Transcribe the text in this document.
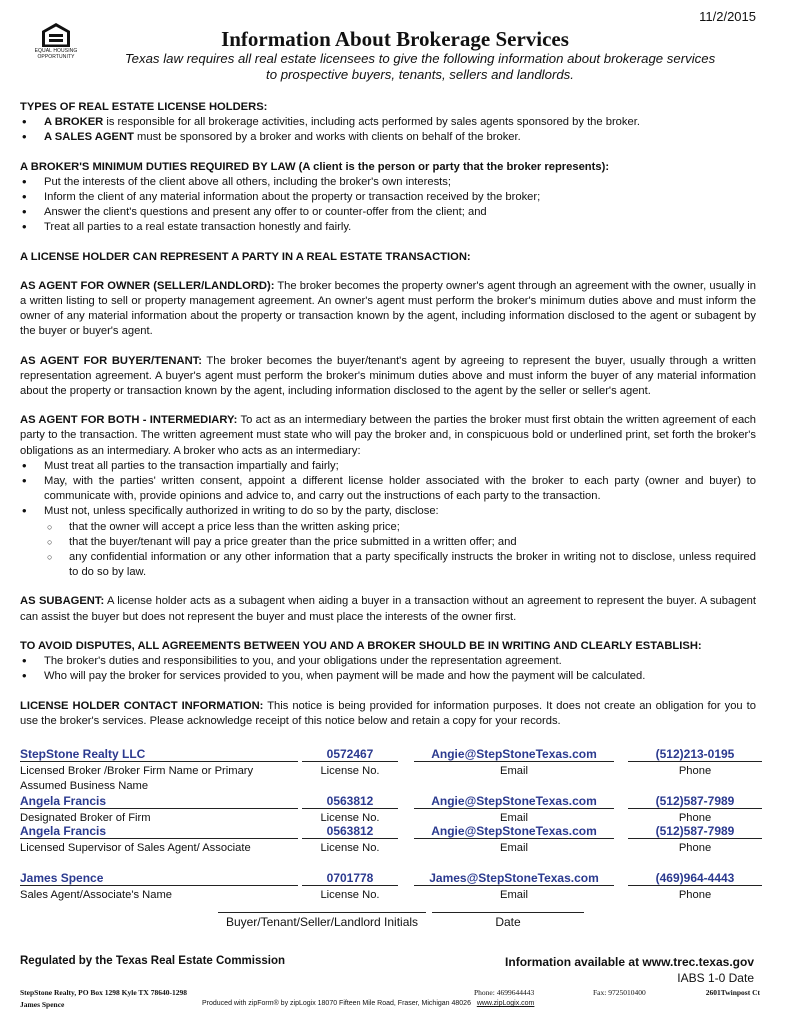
11/2/2015
EQUAL HOUSING OPPORTUNITY
Information About Brokerage Services
Texas law requires all real estate licensees to give the following information about brokerage services to prospective buyers, tenants, sellers and landlords.
TYPES OF REAL ESTATE LICENSE HOLDERS:
• A BROKER is responsible for all brokerage activities, including acts performed by sales agents sponsored by the broker.
• A SALES AGENT must be sponsored by a broker and works with clients on behalf of the broker.
A BROKER'S MINIMUM DUTIES REQUIRED BY LAW (A client is the person or party that the broker represents):
• Put the interests of the client above all others, including the broker's own interests;
• Inform the client of any material information about the property or transaction received by the broker;
• Answer the client's questions and present any offer to or counter-offer from the client; and
• Treat all parties to a real estate transaction honestly and fairly.
A LICENSE HOLDER CAN REPRESENT A PARTY IN A REAL ESTATE TRANSACTION:

AS AGENT FOR OWNER (SELLER/LANDLORD): The broker becomes the property owner's agent through an agreement with the owner, usually in a written listing to sell or property management agreement. An owner's agent must perform the broker's minimum duties above and must inform the owner of any material information about the property or transaction known by the agent, including information disclosed to the agent or subagent by the buyer or buyer's agent.

AS AGENT FOR BUYER/TENANT: The broker becomes the buyer/tenant's agent by agreeing to represent the buyer, usually through a written representation agreement. A buyer's agent must perform the broker's minimum duties above and must inform the buyer of any material information about the property or transaction known by the agent, including information disclosed to the agent by the seller or seller's agent.

AS AGENT FOR BOTH - INTERMEDIARY: To act as an intermediary between the parties the broker must first obtain the written agreement of each party to the transaction. The written agreement must state who will pay the broker and, in conspicuous bold or underlined print, set forth the broker's obligations as an intermediary. A broker who acts as an intermediary:

• Must treat all parties to the transaction impartially and fairly;
• May, with the parties' written consent, appoint a different license holder associated with the broker to each party (owner and buyer) to communicate with, provide opinions and advice to, and carry out the instructions of each party to the transaction.
• Must not, unless specifically authorized in writing to do so by the party, disclose:
○ that the owner will accept a price less than the written asking price;
○ that the buyer/tenant will pay a price greater than the price submitted in a written offer; and
○ any confidential information or any other information that a party specifically instructs the broker in writing not to disclose, unless required to do so by law.

AS SUBAGENT: A license holder acts as a subagent when aiding a buyer in a transaction without an agreement to represent the buyer. A subagent can assist the buyer but does not represent the buyer and must place the interests of the owner first.

TO AVOID DISPUTES, ALL AGREEMENTS BETWEEN YOU AND A BROKER SHOULD BE IN WRITING AND CLEARLY ESTABLISH:
• The broker's duties and responsibilities to you, and your obligations under the representation agreement.
• Who will pay the broker for services provided to you, when payment will be made and how the payment will be calculated.

LICENSE HOLDER CONTACT INFORMATION: This notice is being provided for information purposes. It does not create an obligation for you to use the broker's services. Please acknowledge receipt of this notice below and retain a copy for your records.

StepStone Realty LLC	0572467	Angie@StepStoneTexas.com	(512)213-0195
Licensed Broker /Broker Firm Name or Primary Assumed Business Name
License No.	Email	Phone
Angela Francis	0563812	Angie@StepStoneTexas.com	(512)587-7989
Designated Broker of Firm	License No.	Email	Phone
Angela Francis	0563812	Angie@StepStoneTexas.com	(512)587-7989
Licensed Supervisor of Sales Agent/ Associate	License No.	Email	Phone
James Spence	0701778	James@StepStoneTexas.com	(469)964-4443
Sales Agent/Associate's Name	License No.	Email	Phone
Buyer/Tenant/Seller/Landlord Initials	Date
Regulated by the Texas Real Estate Commission	Information available at www.trec.texas.gov
IABS 1-0 Date
StepStone Realty, PO Box 1298 Kyle TX 78640-1298	Phone: 4699644443	Fax: 9725010400	2601Twinpost Ct
James Spence	Produced with zipForm® by zipLogix 18070 Fifteen Mile Road, Fraser, Michigan 48026 www.zipLogix.com
